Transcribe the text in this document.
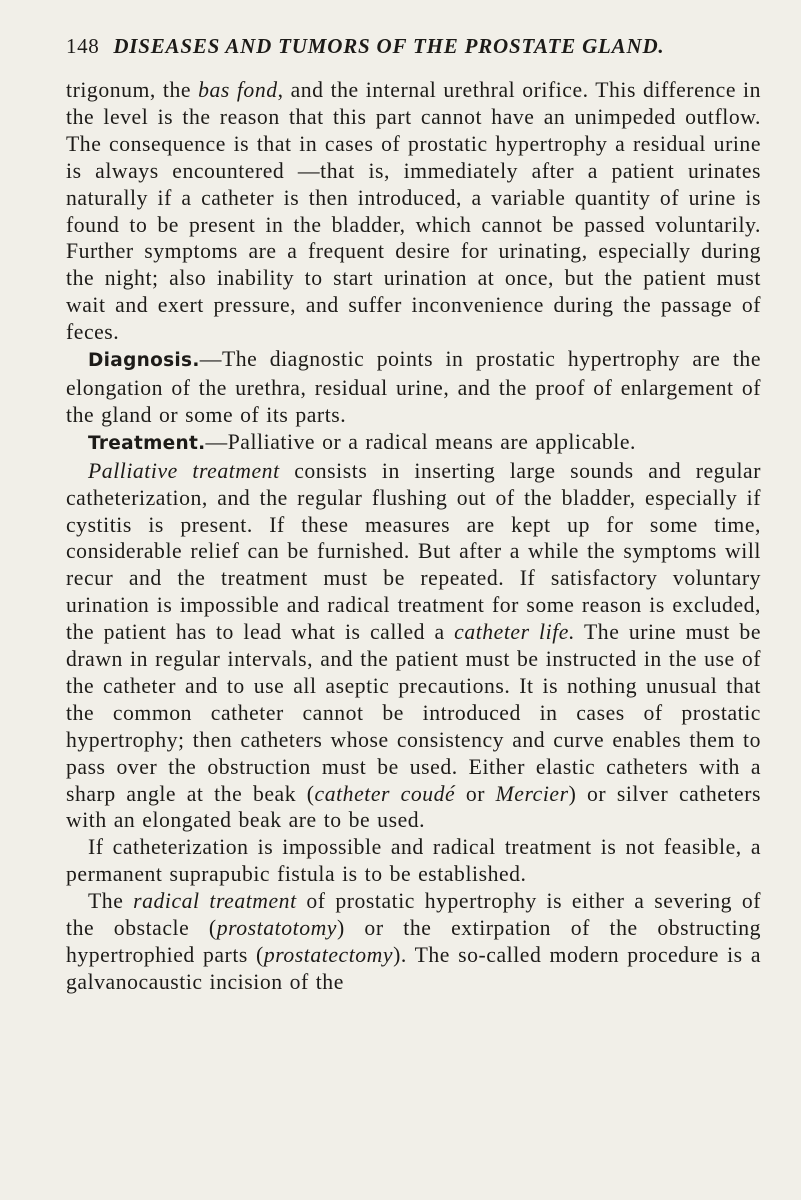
148 DISEASES AND TUMORS OF THE PROSTATE GLAND.

trigonum, the bas fond, and the internal urethral orifice. This difference in the level is the reason that this part cannot have an unimpeded outflow. The consequence is that in cases of prostatic hypertrophy a residual urine is always encountered —that is, immediately after a patient urinates naturally if a catheter is then introduced, a variable quantity of urine is found to be present in the bladder, which cannot be passed voluntarily. Further symptoms are a frequent desire for urinating, especially during the night; also inability to start urination at once, but the patient must wait and exert pressure, and suffer inconvenience during the passage of feces.

Diagnosis.—The diagnostic points in prostatic hypertrophy are the elongation of the urethra, residual urine, and the proof of enlargement of the gland or some of its parts.

Treatment.—Palliative or a radical means are applicable.

Palliative treatment consists in inserting large sounds and regular catheterization, and the regular flushing out of the bladder, especially if cystitis is present. If these measures are kept up for some time, considerable relief can be furnished. But after a while the symptoms will recur and the treatment must be repeated. If satisfactory voluntary urination is impossible and radical treatment for some reason is excluded, the patient has to lead what is called a catheter life. The urine must be drawn in regular intervals, and the patient must be instructed in the use of the catheter and to use all aseptic precautions. It is nothing unusual that the common catheter cannot be introduced in cases of prostatic hypertrophy; then catheters whose consistency and curve enables them to pass over the obstruction must be used. Either elastic catheters with a sharp angle at the beak (catheter coudé or Mercier) or silver catheters with an elongated beak are to be used.

If catheterization is impossible and radical treatment is not feasible, a permanent suprapubic fistula is to be established.

The radical treatment of prostatic hypertrophy is either a severing of the obstacle (prostatotomy) or the extirpation of the obstructing hypertrophied parts (prostatectomy). The so-called modern procedure is a galvanocaustic incision of the
